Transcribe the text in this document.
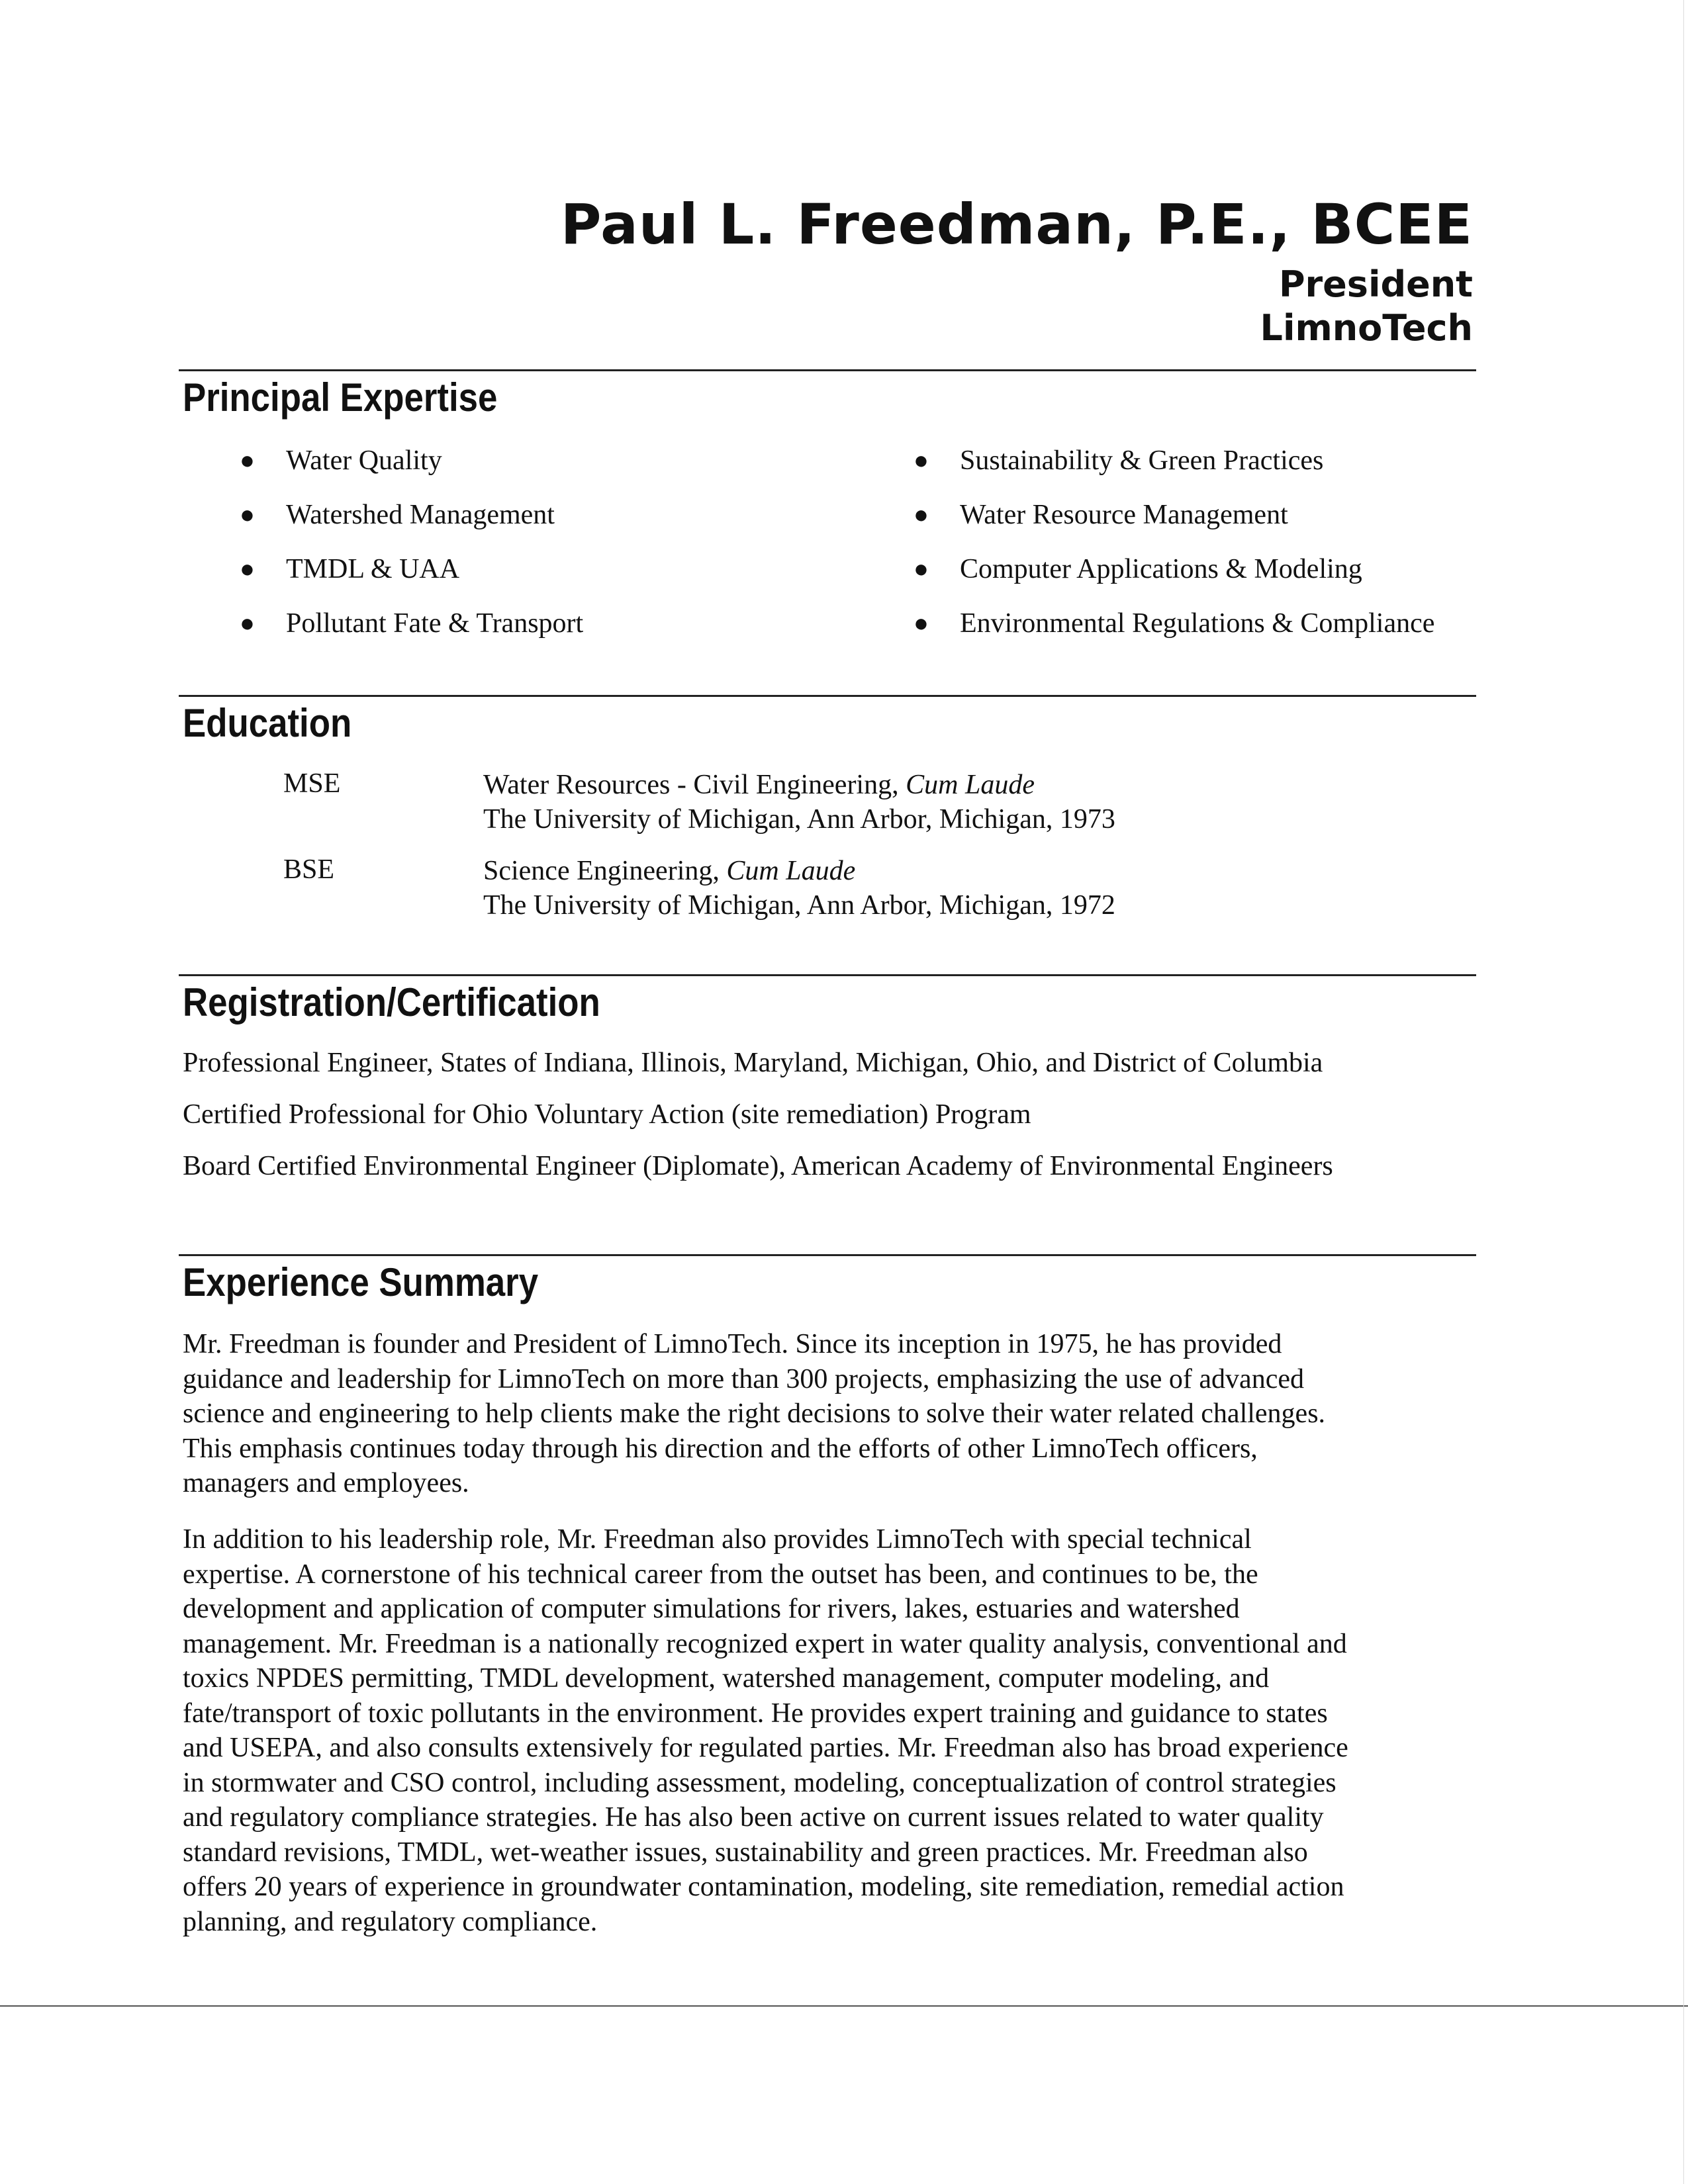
Paul L. Freedman, P.E., BCEE
President
LimnoTech
Principal Expertise
● Water Quality
● Watershed Management
● TMDL & UAA
● Pollutant Fate & Transport
● Sustainability & Green Practices
● Water Resource Management
● Computer Applications & Modeling
● Environmental Regulations & Compliance
Education
MSE	Water Resources - Civil Engineering, Cum Laude
The University of Michigan, Ann Arbor, Michigan, 1973
BSE	Science Engineering, Cum Laude
The University of Michigan, Ann Arbor, Michigan, 1972
Registration/Certification

Professional Engineer, States of Indiana, Illinois, Maryland, Michigan, Ohio, and District of Columbia

Certified Professional for Ohio Voluntary Action (site remediation) Program

Board Certified Environmental Engineer (Diplomate), American Academy of Environmental Engineers

Experience Summary
Mr. Freedman is founder and President of LimnoTech. Since its inception in 1975, he has provided
guidance and leadership for LimnoTech on more than 300 projects, emphasizing the use of advanced
science and engineering to help clients make the right decisions to solve their water related challenges.
This emphasis continues today through his direction and the efforts of other LimnoTech officers,
managers and employees.
In addition to his leadership role, Mr. Freedman also provides LimnoTech with special technical
expertise. A cornerstone of his technical career from the outset has been, and continues to be, the
development and application of computer simulations for rivers, lakes, estuaries and watershed
management. Mr. Freedman is a nationally recognized expert in water quality analysis, conventional and
toxics NPDES permitting, TMDL development, watershed management, computer modeling, and
fate/transport of toxic pollutants in the environment. He provides expert training and guidance to states
and USEPA, and also consults extensively for regulated parties. Mr. Freedman also has broad experience
in stormwater and CSO control, including assessment, modeling, conceptualization of control strategies
and regulatory compliance strategies. He has also been active on current issues related to water quality
standard revisions, TMDL, wet-weather issues, sustainability and green practices. Mr. Freedman also
offers 20 years of experience in groundwater contamination, modeling, site remediation, remedial action
planning, and regulatory compliance.
